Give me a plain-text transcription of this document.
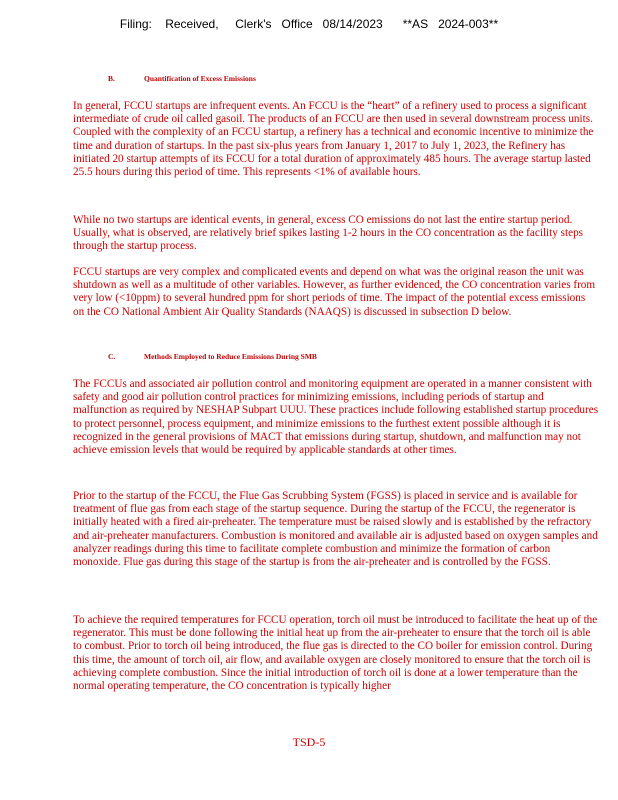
Filing:    Received,     Clerk's   Office   08/14/2023      **AS   2024-003**
B.	Quantification of Excess Emissions

In general, FCCU startups are infrequent events. An FCCU is the “heart” of a refinery used to process a significant intermediate of crude oil called gasoil. The products of an FCCU are then used in several downstream process units. Coupled with the complexity of an FCCU startup, a refinery has a technical and economic incentive to minimize the time and duration of startups. In the past six-plus years from January 1, 2017 to July 1, 2023, the Refinery has initiated 20 startup attempts of its FCCU for a total duration of approximately 485 hours. The average startup lasted 25.5 hours during this period of time. This represents <1% of available hours.

While no two startups are identical events, in general, excess CO emissions do not last the entire startup period. Usually, what is observed, are relatively brief spikes lasting 1-2 hours in the CO concentration as the facility steps through the startup process.

FCCU startups are very complex and complicated events and depend on what was the original reason the unit was shutdown as well as a multitude of other variables. However, as further evidenced, the CO concentration varies from very low (<10ppm) to several hundred ppm for short periods of time. The impact of the potential excess emissions on the CO National Ambient Air Quality Standards (NAAQS) is discussed in subsection D below.

C.	Methods Employed to Reduce Emissions During SMB

The FCCUs and associated air pollution control and monitoring equipment are operated in a manner consistent with safety and good air pollution control practices for minimizing emissions, including periods of startup and malfunction as required by NESHAP Subpart UUU. These practices include following established startup procedures to protect personnel, process equipment, and minimize emissions to the furthest extent possible although it is recognized in the general provisions of MACT that emissions during startup, shutdown, and malfunction may not achieve emission levels that would be required by applicable standards at other times.

Prior to the startup of the FCCU, the Flue Gas Scrubbing System (FGSS) is placed in service and is available for treatment of flue gas from each stage of the startup sequence. During the startup of the FCCU, the regenerator is initially heated with a fired air-preheater. The temperature must be raised slowly and is established by the refractory and air-preheater manufacturers. Combustion is monitored and available air is adjusted based on oxygen samples and analyzer readings during this time to facilitate complete combustion and minimize the formation of carbon monoxide. Flue gas during this stage of the startup is from the air-preheater and is controlled by the FGSS.

To achieve the required temperatures for FCCU operation, torch oil must be introduced to facilitate the heat up of the regenerator. This must be done following the initial heat up from the air-preheater to ensure that the torch oil is able to combust. Prior to torch oil being introduced, the flue gas is directed to the CO boiler for emission control. During this time, the amount of torch oil, air flow, and available oxygen are closely monitored to ensure that the torch oil is achieving complete combustion. Since the initial introduction of torch oil is done at a lower temperature than the normal operating temperature, the CO concentration is typically higher

TSD-5
